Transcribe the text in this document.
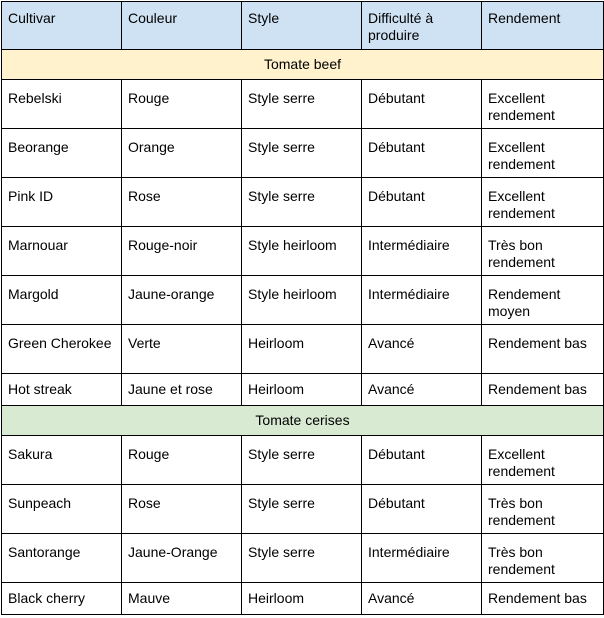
Cultivar	Couleur	Style	Difficulté à produire	Rendement
Tomate beef				
Rebelski	Rouge	Style serre	Débutant	Excellent rendement
Beorange	Orange	Style serre	Débutant	Excellent rendement
Pink ID	Rose	Style serre	Débutant	Excellent rendement
Marnouar	Rouge-noir	Style heirloom	Intermédiaire	Très bon rendement
Margold	Jaune-orange	Style heirloom	Intermédiaire	Rendement moyen
Green Cherokee	Verte	Heirloom	Avancé	Rendement bas
Hot streak	Jaune et rose	Heirloom	Avancé	Rendement bas
Tomate cerises				
Sakura	Rouge	Style serre	Débutant	Excellent rendement
Sunpeach	Rose	Style serre	Débutant	Très bon rendement
Santorange	Jaune-Orange	Style serre	Intermédiaire	Très bon rendement
Black cherry	Mauve	Heirloom	Avancé	Rendement bas
